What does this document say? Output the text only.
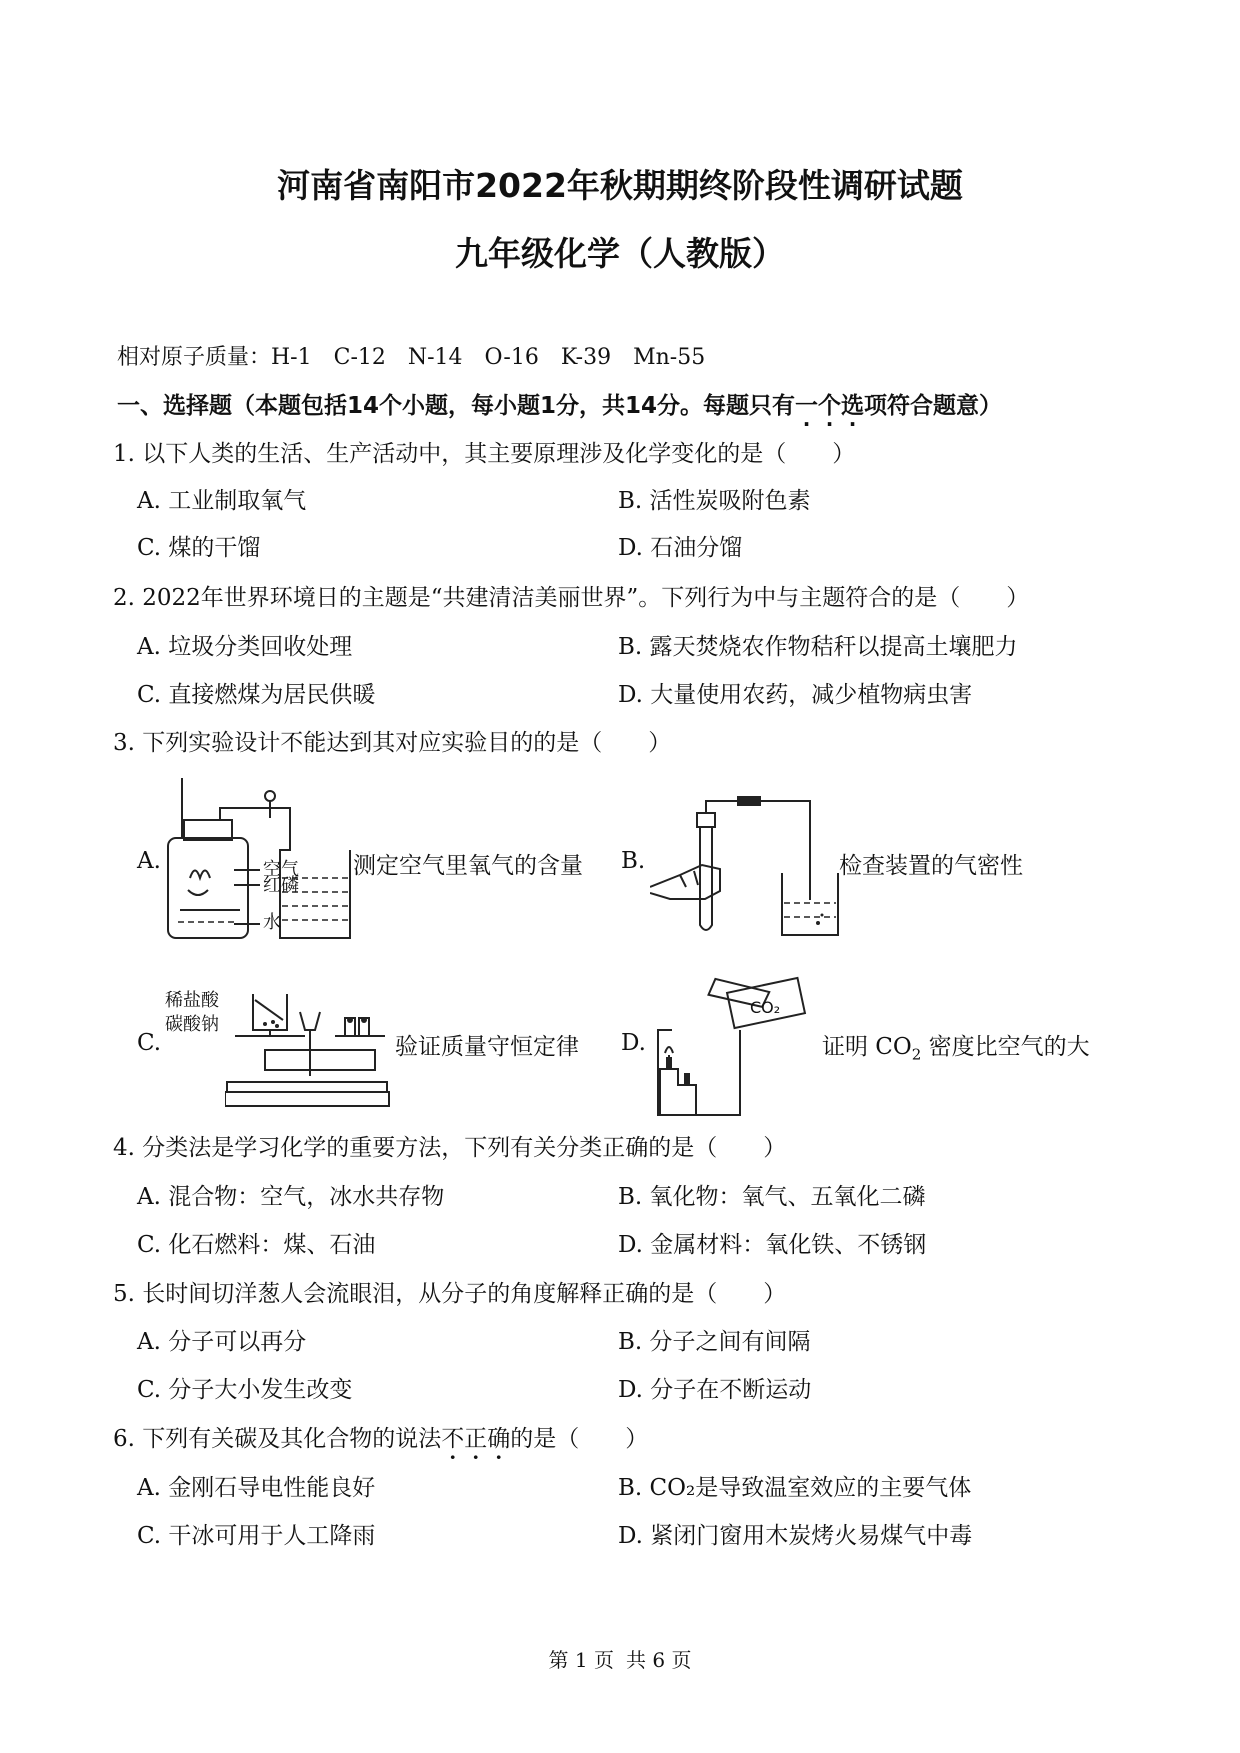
河南省南阳市2022年秋期期终阶段性调研试题
九年级化学（人教版）
相对原子质量：H-1　C-12　N-14　O-16　K-39　Mn-55
一、选择题（本题包括14个小题，每小题1分，共14分。每题只有一个选项符合题意）
1. 以下人类的生活、生产活动中，其主要原理涉及化学变化的是（　　）
A. 工业制取氧气	B. 活性炭吸附色素
C. 煤的干馏	D. 石油分馏
2. 2022年世界环境日的主题是“共建清洁美丽世界”。下列行为中与主题符合的是（　　）
A. 垃圾分类回收处理	B. 露天焚烧农作物秸秆以提高土壤肥力
C. 直接燃煤为居民供暖	D. 大量使用农药，减少植物病虫害
3. 下列实验设计不能达到其对应实验目的的是（　　）
A.	空气
红磷
水
测定空气里氧气的含量 B.	检查装置的气密性
C.
稀盐酸
碳酸钠
验证质量守恒定律 D.
CO₂
证明 $CO_2$ 密度比空气的大
4. 分类法是学习化学的重要方法，下列有关分类正确的是（　　）
A. 混合物：空气，冰水共存物	B. 氧化物：氧气、五氧化二磷
C. 化石燃料：煤、石油	D. 金属材料：氧化铁、不锈钢
5. 长时间切洋葱人会流眼泪，从分子的角度解释正确的是（　　）
A. 分子可以再分	B. 分子之间有间隔
C. 分子大小发生改变	D. 分子在不断运动
6. 下列有关碳及其化合物的说法不正确的是（　　）
A. 金刚石导电性能良好	B. CO₂是导致温室效应的主要气体
C. 干冰可用于人工降雨	D. 紧闭门窗用木炭烤火易煤气中毒
第 1 页 共 6 页
